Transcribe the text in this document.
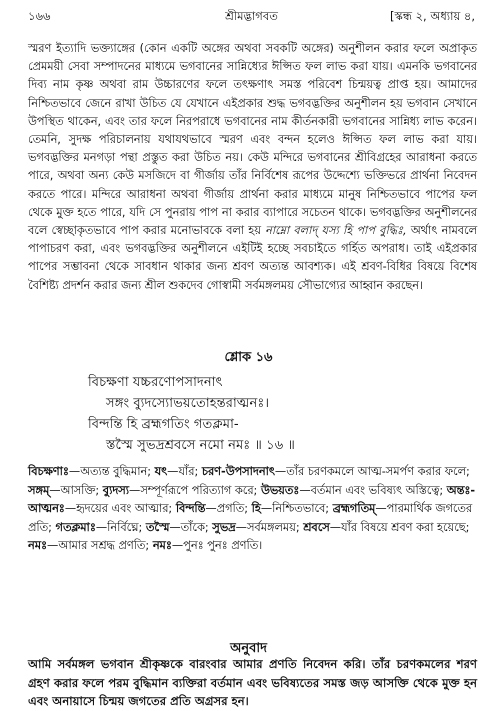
১৬৬	শ্রীমদ্ভাগবত	[স্কন্ধ ২, অধ্যায় ৪,

স্মরণ ইত্যাদি ভক্ত্যাঙ্গের (কোন একটি অঙ্গের অথবা সবকটি অঙ্গের) অনুশীলন করার ফলে অপ্রাকৃত প্রেমময়ী সেবা সম্পাদনের মাধ্যমে ভগবানের সান্নিধ্যের ঈপ্সিত ফল লাভ করা যায়। এমনকি ভগবানের দিব্য নাম কৃষ্ণ অথবা রাম উচ্চারণের ফলে তৎক্ষণাৎ সমস্ত পরিবেশ চিন্ময়ত্ব প্রাপ্ত হয়। আমাদের নিশ্চিতভাবে জেনে রাখা উচিত যে যেখানে এইপ্রকার শুদ্ধ ভগবদ্ভক্তির অনুশীলন হয় ভগবান সেখানে উপস্থিত থাকেন, এবং তার ফলে নিরপরাধে ভগবানের নাম কীর্তনকারী ভগবানের সান্নিধ্য লাভ করেন। তেমনি, সুদক্ষ পরিচালনায় যথাযথভাবে স্মরণ এবং বন্দন হলেও ঈপ্সিত ফল লাভ করা যায়। ভগবদ্ভক্তির মনগড়া পন্থা প্রস্তুত করা উচিত নয়। কেউ মন্দিরে ভগবানের শ্রীবিগ্রহের আরাধনা করতে পারে, অথবা অন্য কেউ মসজিদে বা গীর্জায় তাঁর নির্বিশেষ রূপের উদ্দেশ্যে ভক্তিভরে প্রার্থনা নিবেদন করতে পারে। মন্দিরে আরাধনা অথবা গীর্জায় প্রার্থনা করার মাধ্যমে মানুষ নিশ্চিতভাবে পাপের ফল থেকে মুক্ত হতে পারে, যদি সে পুনরায় পাপ না করার ব্যাপারে সচেতন থাকে। ভগবদ্ভক্তির অনুশীলনের বলে স্বেচ্ছাকৃতভাবে পাপ করার মনোভাবকে বলা হয় নাম্নো বলাদ্ যস্য হি পাপ বুদ্ধিঃ, অর্থাৎ নামবলে পাপাচরণ করা, এবং ভগবদ্ভক্তির অনুশীলনে এইটিই হচ্ছে সবচাইতে গর্হিত অপরাধ। তাই এইপ্রকার পাপের সম্ভাবনা থেকে সাবধান থাকার জন্য শ্রবণ অত্যন্ত আবশ্যক। এই শ্রবণ-বিধির বিষয়ে বিশেষ বৈশিষ্ট্য প্রদর্শন করার জন্য শ্রীল শুকদেব গোস্বামী সর্বমঙ্গলময় সৌভাগ্যের আহ্বান করছেন।

শ্লোক ১৬
বিচক্ষণা যচ্চরণোপসাদনাৎ
সঙ্গং ব্যুদস্যোভয়তোহন্তরাত্মনঃ।
বিন্দন্তি হি ব্রহ্মগতিং গতক্লমা-
স্তস্মৈ সুভদ্রশ্রবসে নমো নমঃ ॥ ১৬ ॥
বিচক্ষণাঃ—অত্যন্ত বুদ্ধিমান; যৎ—যাঁর; চরণ-উপসাদনাৎ—তাঁর চরণকমলে আত্ম-সমর্পণ করার ফলে; সঙ্গম্—আসক্তি; ব্যুদস্য—সম্পূর্ণরূপে পরিত্যাগ করে; উভয়তঃ—বর্তমান এবং ভবিষ্যৎ অস্তিত্বে; অন্তঃ-আত্মনঃ—হৃদয়ের এবং আত্মার; বিন্দন্তি—প্রগতি; হি—নিশ্চিতভাবে; ব্রহ্মগতিম্—পারমার্থিক জগতের প্রতি; গতক্লমাঃ—নির্বিঘ্নে; তস্মৈ—তাঁকে; সুভদ্র—সর্বমঙ্গলময়; শ্রবসে—যাঁর বিষয়ে শ্রবণ করা হয়েছে; নমঃ—আমার সশ্রদ্ধ প্রণতি; নমঃ—পুনঃ পুনঃ প্রণতি।
অনুবাদ

আমি সর্বমঙ্গল ভগবান শ্রীকৃষ্ণকে বারংবার আমার প্রণতি নিবেদন করি। তাঁর চরণকমলের শরণ গ্রহণ করার ফলে পরম বুদ্ধিমান ব্যক্তিরা বর্তমান এবং ভবিষ্যতের সমস্ত জড় আসক্তি থেকে মুক্ত হন এবং অনায়াসে চিন্ময় জগতের প্রতি অগ্রসর হন।
